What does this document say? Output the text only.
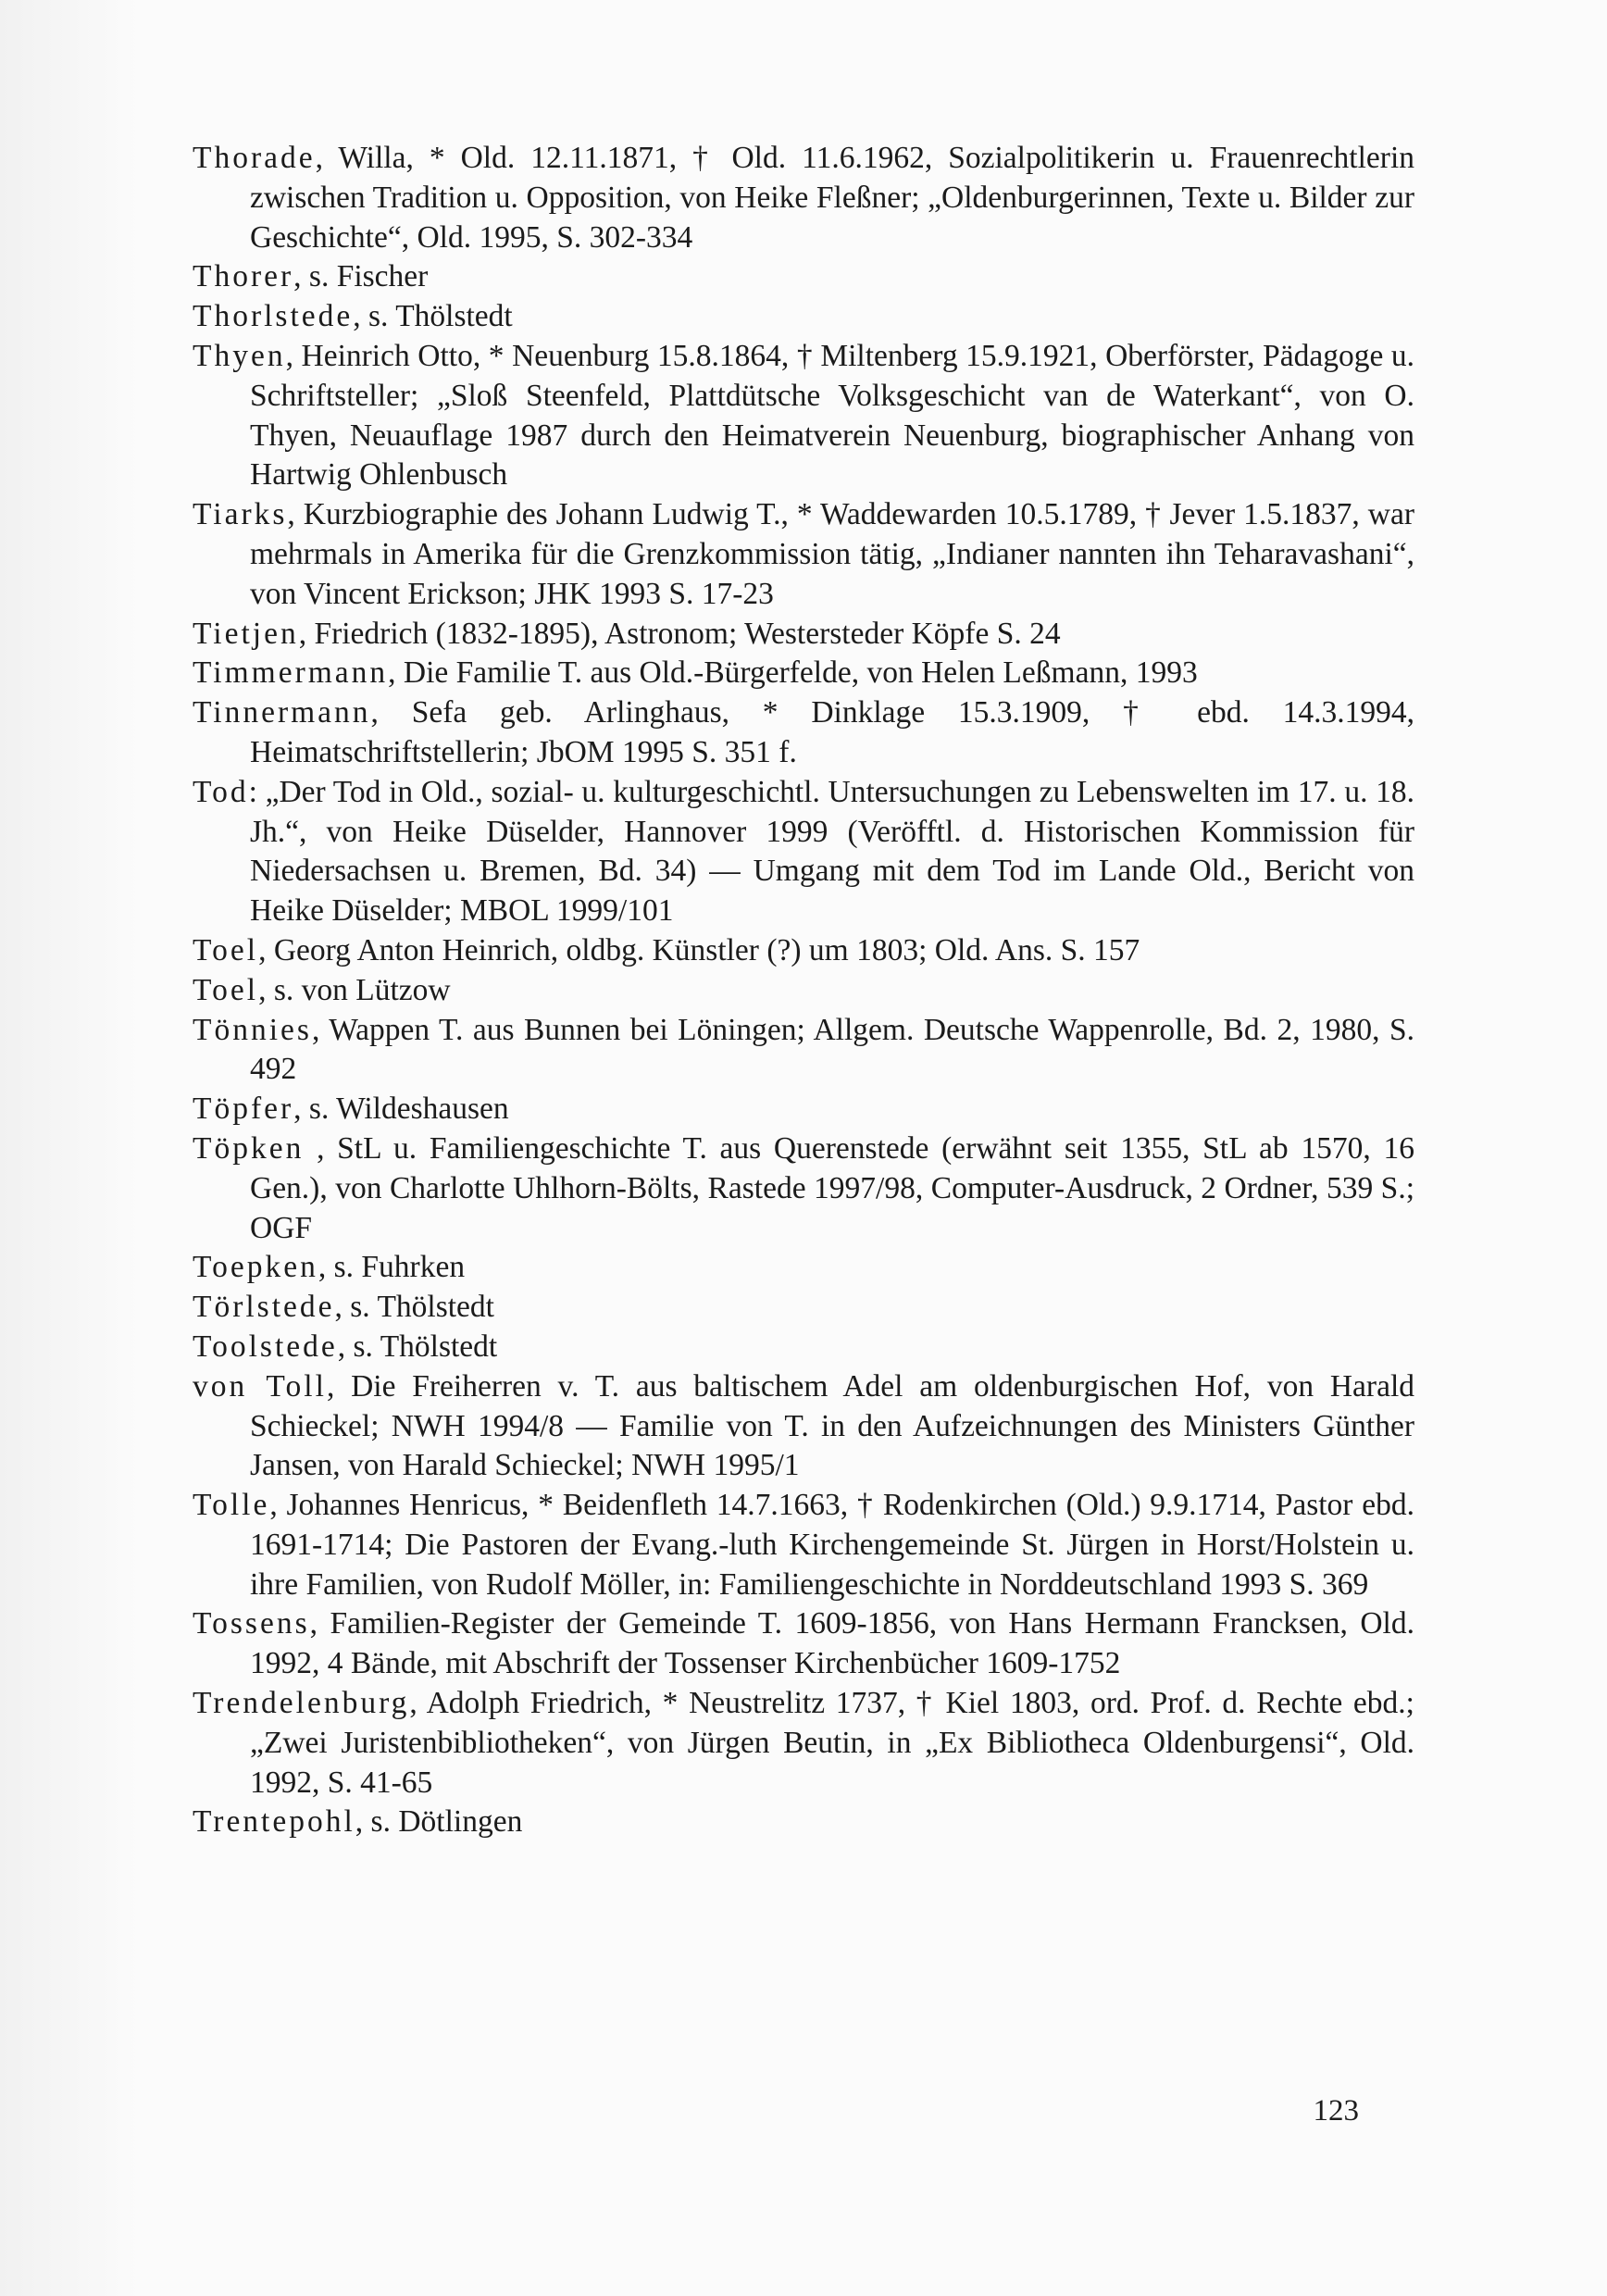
Thorade, Willa, * Old. 12.11.1871, † Old. 11.6.1962, Sozialpolitikerin u. Frauenrechtlerin zwischen Tradition u. Opposition, von Heike Fleßner; „Oldenburgerinnen, Texte u. Bilder zur Geschichte“, Old. 1995, S. 302-334

Thorer, s. Fischer

Thorlstede, s. Thölstedt

Thyen, Heinrich Otto, * Neuenburg 15.8.1864, † Miltenberg 15.9.1921, Oberförster, Pädagoge u. Schriftsteller; „Sloß Steenfeld, Plattdütsche Volksgeschicht van de Waterkant“, von O. Thyen, Neuauflage 1987 durch den Heimatverein Neuenburg, biographischer Anhang von Hartwig Ohlenbusch

Tiarks, Kurzbiographie des Johann Ludwig T., * Waddewarden 10.5.1789, † Jever 1.5.1837, war mehrmals in Amerika für die Grenzkommission tätig, „Indianer nannten ihn Teharavashani“, von Vincent Erickson; JHK 1993 S. 17-23

Tietjen, Friedrich (1832-1895), Astronom; Westersteder Köpfe S. 24

Timmermann, Die Familie T. aus Old.-Bürgerfelde, von Helen Leßmann, 1993

Tinnermann, Sefa geb. Arlinghaus, * Dinklage 15.3.1909, † ebd. 14.3.1994, Heimatschriftstellerin; JbOM 1995 S. 351 f.

Tod: „Der Tod in Old., sozial- u. kulturgeschichtl. Untersuchungen zu Lebenswelten im 17. u. 18. Jh.“, von Heike Düselder, Hannover 1999 (Veröfftl. d. Historischen Kommission für Niedersachsen u. Bremen, Bd. 34) — Umgang mit dem Tod im Lande Old., Bericht von Heike Düselder; MBOL 1999/101

Toel, Georg Anton Heinrich, oldbg. Künstler (?) um 1803; Old. Ans. S. 157

Toel, s. von Lützow

Tönnies, Wappen T. aus Bunnen bei Löningen; Allgem. Deutsche Wappenrolle, Bd. 2, 1980, S. 492

Töpfer, s. Wildeshausen

Töpken , StL u. Familiengeschichte T. aus Querenstede (erwähnt seit 1355, StL ab 1570, 16 Gen.), von Charlotte Uhlhorn-Bölts, Rastede 1997/98, Computer-Ausdruck, 2 Ordner, 539 S.; OGF

Toepken, s. Fuhrken

Törlstede, s. Thölstedt

Toolstede, s. Thölstedt

von Toll, Die Freiherren v. T. aus baltischem Adel am oldenburgischen Hof, von Harald Schieckel; NWH 1994/8 — Familie von T. in den Aufzeichnungen des Ministers Günther Jansen, von Harald Schieckel; NWH 1995/1

Tolle, Johannes Henricus, * Beidenfleth 14.7.1663, † Rodenkirchen (Old.) 9.9.1714, Pastor ebd. 1691-1714; Die Pastoren der Evang.-luth Kirchengemeinde St. Jürgen in Horst/Holstein u. ihre Familien, von Rudolf Möller, in: Familiengeschichte in Norddeutschland 1993 S. 369

Tossens, Familien-Register der Gemeinde T. 1609-1856, von Hans Hermann Francksen, Old. 1992, 4 Bände, mit Abschrift der Tossenser Kirchenbücher 1609-1752

Trendelenburg, Adolph Friedrich, * Neustrelitz 1737, † Kiel 1803, ord. Prof. d. Rechte ebd.; „Zwei Juristenbibliotheken“, von Jürgen Beutin, in „Ex Bibliotheca Oldenburgensi“, Old. 1992, S. 41-65

Trentepohl, s. Dötlingen

123
